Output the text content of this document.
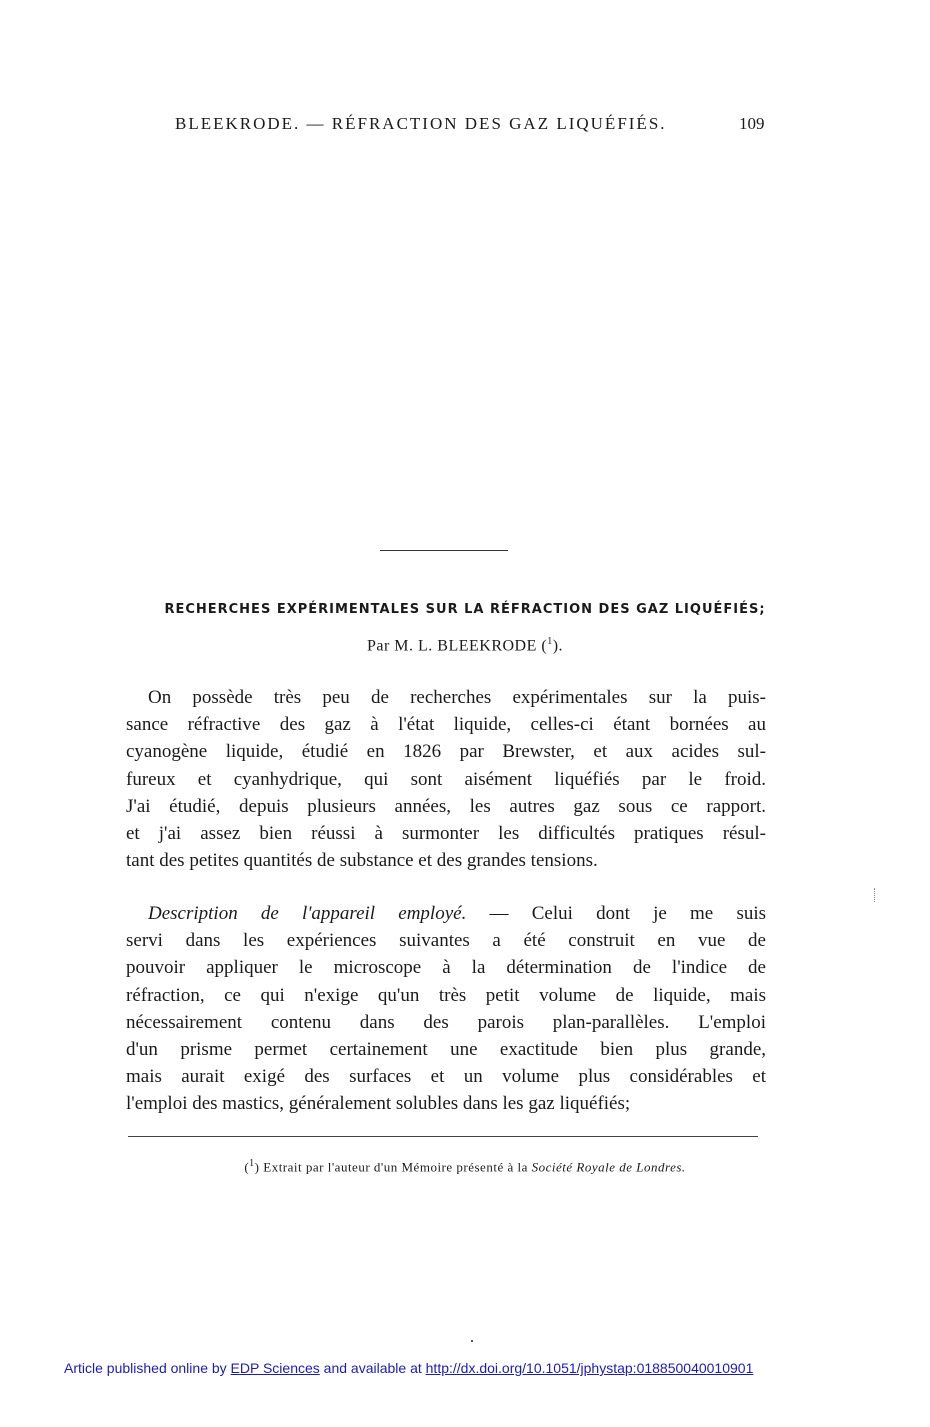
BLEEKRODE. — RÉFRACTION DES GAZ LIQUÉFIÉS.	109
RECHERCHES EXPÉRIMENTALES SUR LA RÉFRACTION DES GAZ LIQUÉFIÉS;
Par M. L. BLEEKRODE ($^1$).
On possède très peu de recherches expérimentales sur la puis-
sance réfractive des gaz à l'état liquide, celles-ci étant bornées au
cyanogène liquide, étudié en 1826 par Brewster, et aux acides sul-
fureux et cyanhydrique, qui sont aisément liquéfiés par le froid.
J'ai étudié, depuis plusieurs années, les autres gaz sous ce rapport.
et j'ai assez bien réussi à surmonter les difficultés pratiques résul-
tant des petites quantités de substance et des grandes tensions.
Description de l'appareil employé. — Celui dont je me suis
servi dans les expériences suivantes a été construit en vue de
pouvoir appliquer le microscope à la détermination de l'indice de
réfraction, ce qui n'exige qu'un très petit volume de liquide, mais
nécessairement contenu dans des parois plan-parallèles. L'emploi
d'un prisme permet certainement une exactitude bien plus grande,
mais aurait exigé des surfaces et un volume plus considérables et
l'emploi des mastics, généralement solubles dans les gaz liquéfiés;
($^1$) Extrait par l'auteur d'un Mémoire présenté à la Société Royale de Londres.
Article published online by EDP Sciences and available at http://dx.doi.org/10.1051/jphystap:018850040010901
